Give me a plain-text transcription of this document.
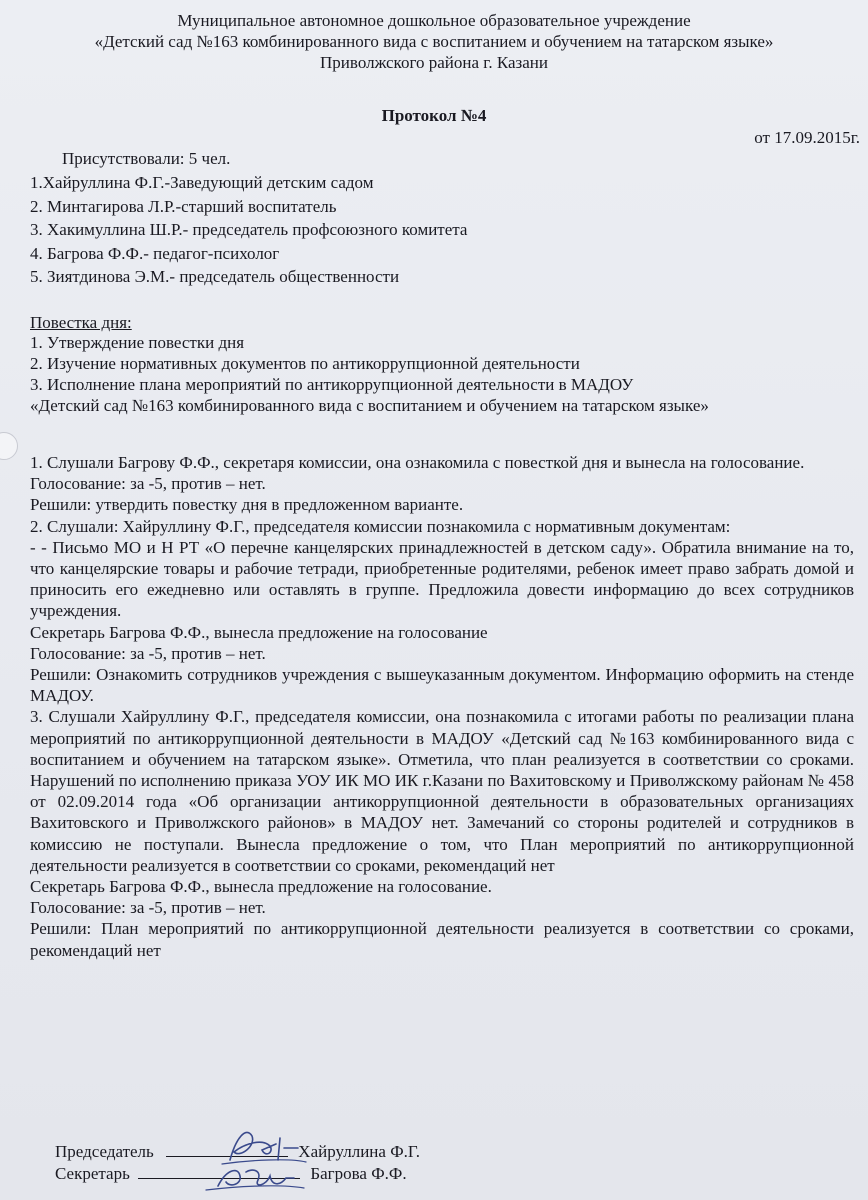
Муниципальное автономное дошкольное образовательное учреждение
«Детский сад №163 комбинированного вида с воспитанием и обучением на татарском языке»
Приволжского района г. Казани
Протокол №4
от 17.09.2015г.
Присутствовали: 5 чел.
1.Хайруллина Ф.Г.-Заведующий детским садом
2. Минтагирова Л.Р.-старший воспитатель
3. Хакимуллина Ш.Р.- председатель профсоюзного комитета
4. Багрова Ф.Ф.- педагог-психолог
5. Зиятдинова Э.М.- председатель общественности
Повестка дня:
1. Утверждение повестки дня
2. Изучение нормативных документов по антикоррупционной деятельности
3. Исполнение плана мероприятий по антикоррупционной деятельности в МАДОУ
«Детский сад №163 комбинированного вида с воспитанием и обучением на татарском языке»

1. Слушали Багрову Ф.Ф., секретаря комиссии, она ознакомила с повесткой дня и вынесла на голосование.

Голосование: за -5, против – нет.

Решили: утвердить повестку дня в предложенном варианте.

2. Слушали: Хайруллину Ф.Г., председателя комиссии познакомила с нормативным документам:

- - Письмо МО и Н РТ «О перечне канцелярских принадлежностей в детском саду». Обратила внимание на то, что канцелярские товары и рабочие тетради, приобретенные родителями, ребенок имеет право забрать домой и приносить его ежедневно или оставлять в группе. Предложила довести информацию до всех сотрудников учреждения.

Секретарь Багрова Ф.Ф., вынесла предложение на голосование

Голосование: за -5, против – нет.

Решили: Ознакомить сотрудников учреждения с вышеуказанным документом. Информацию оформить на стенде МАДОУ.

3. Слушали Хайруллину Ф.Г., председателя комиссии, она познакомила с итогами работы по реализации плана мероприятий по антикоррупционной деятельности в МАДОУ «Детский сад №163 комбинированного вида с воспитанием и обучением на татарском языке». Отметила, что план реализуется в соответствии со сроками. Нарушений по исполнению приказа УОУ ИК МО ИК г.Казани по Вахитовскому и Приволжскому районам № 458 от 02.09.2014 года «Об организации антикоррупционной деятельности в образовательных организациях Вахитовского и Приволжского районов» в МАДОУ нет. Замечаний со стороны родителей и сотрудников в комиссию не поступали. Вынесла предложение о том, что План мероприятий по антикоррупционной деятельности реализуется в соответствии со сроками, рекомендаций нет

Секретарь Багрова Ф.Ф., вынесла предложение на голосование.

Голосование: за -5, против – нет.

Решили: План мероприятий по антикоррупционной деятельности реализуется в соответствии со сроками, рекомендаций нет

Председатель	Хайруллина Ф.Г.
Секретарь	Багрова Ф.Ф.
